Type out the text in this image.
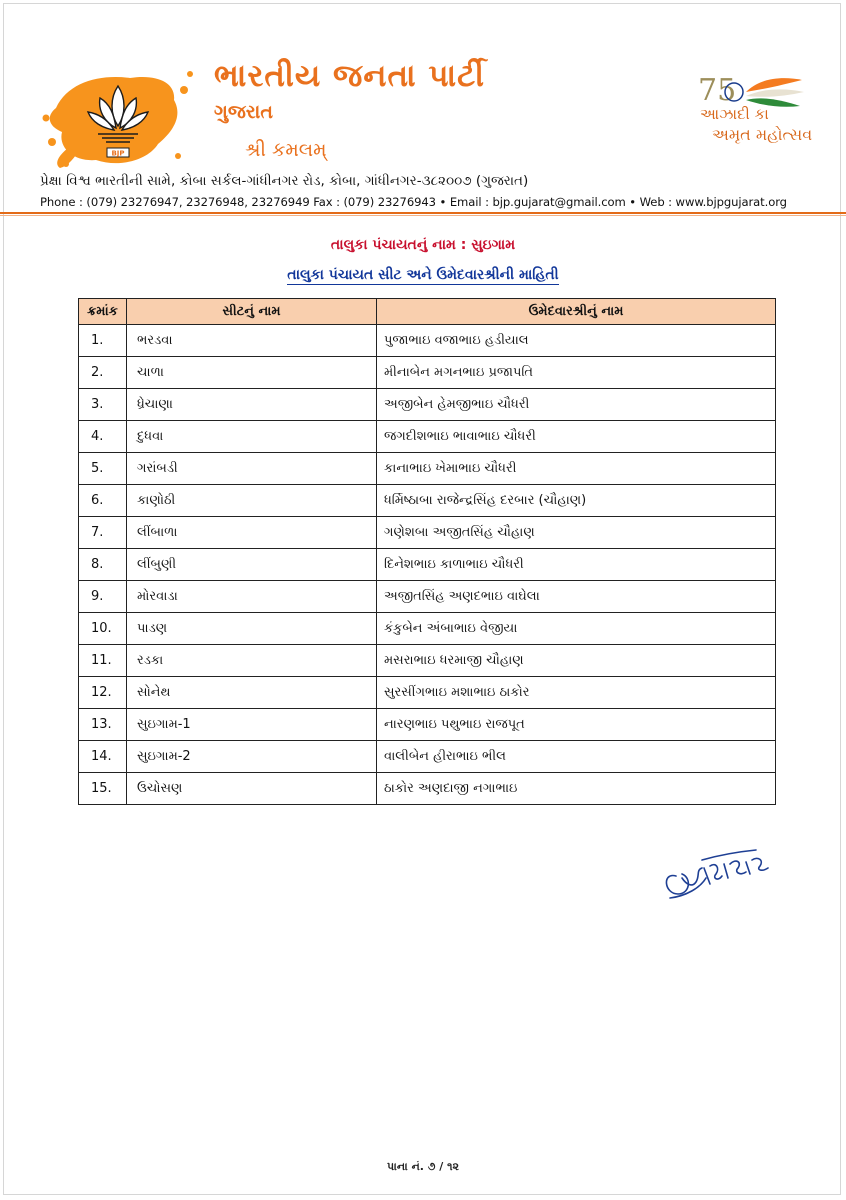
BJP
ભારતીય જનતા પાર્ટી
ગુજરાત
શ્રી કમલમ્
75
આઝાદી કા
અમૃત મહોત્સવ
પ્રેક્ષા વિશ્વ ભારતીની સામે, કોબા સર્કલ-ગાંધીનગર રોડ, કોબા, ગાંધીનગર-૩૮૨૦૦૭ (ગુજરાત)
Phone : (079) 23276947, 23276948, 23276949 Fax : (079) 23276943 • Email : bjp.gujarat@gmail.com • Web : www.bjpgujarat.org
તાલુકા પંચાયતનું નામ : સુઇગામ
તાલુકા પંચાયત સીટ અને ઉમેદવારશ્રીની માહિતી
ક્રમાંક	સીટનું નામ	ઉમેદવારશ્રીનું નામ
1.	ભરડવા	પુજાભાઇ વજાભાઇ હડીયાલ
2.	ચાળા	મીનાબેન મગનભાઇ પ્રજાપતિ
3.	ધ્રેચાણા	અજીબેન હેમજીભાઇ ચૌધરી
4.	દુધવા	જગદીશભાઇ ભાવાભાઇ ચૌધરી
5.	ગરાંબડી	કાનાભાઇ ખેમાભાઇ ચૌધરી
6.	કાણોઠી	ધર્મિષ્ઠાબા રાજેન્દ્રસિંહ દરબાર (ચૌહાણ)
7.	લીંબાળા	ગણેશબા અજીતસિંહ ચૌહાણ
8.	લીંબુણી	દિનેશભાઇ કાળાભાઇ ચૌધરી
9.	મોરવાડા	અજીતસિંહ અણદભાઇ વાઘેલા
10.	પાડણ	કંકુબેન અંબાભાઇ વેજીયા
11.	રડકા	મસરાભાઇ ધરમાજી ચૌહાણ
12.	સોનેથ	સુરસીંગભાઇ મશાભાઇ ઠાકોર
13.	સુઇગામ-1	નારણભાઇ પથુભાઇ રાજપૂત
14.	સુઇગામ-2	વાલીબેન હીરાભાઇ ભીલ
15.	ઉચોસણ	ઠાકોર અણદાજી નગાભાઇ
પાના નં. ૭ / ૧૨
